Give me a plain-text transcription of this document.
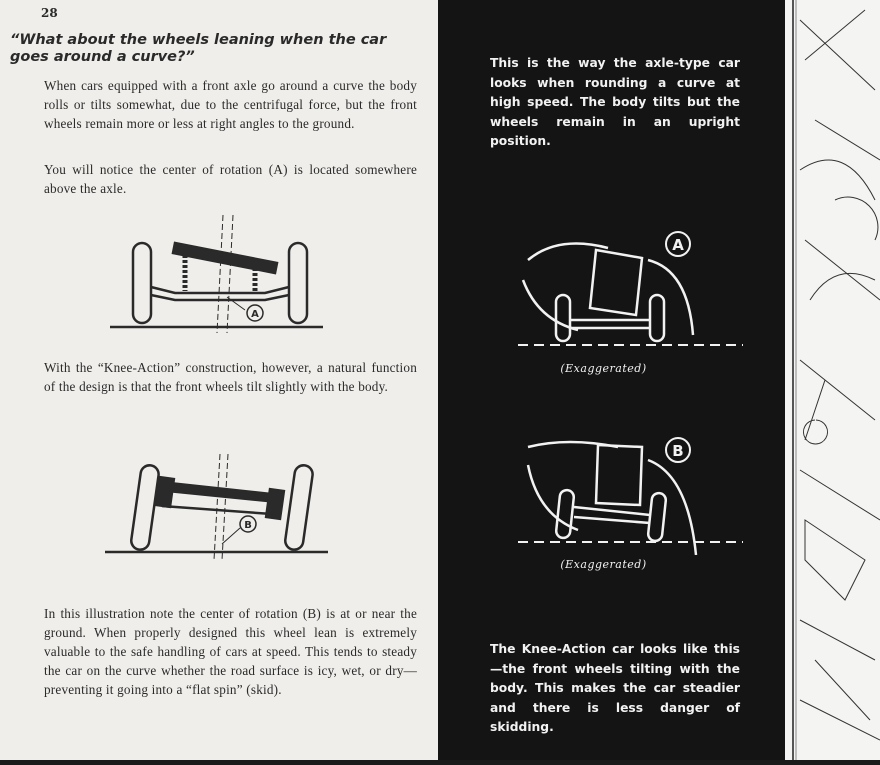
28
“What about the wheels leaning when the car goes around a curve?”
When cars equipped with a front axle go around a curve the body rolls or tilts somewhat, due to the centrifugal force, but the front wheels remain more or less at right angles to the ground.
You will notice the center of rotation (A) is located somewhere above the axle.
A
With the “Knee-Action” construction, however, a natural function of the design is that the front wheels tilt slightly with the body.
B
In this illustration note the center of rotation (B) is at or near the ground. When properly designed this wheel lean is extremely valuable to the safe handling of cars at speed. This tends to steady the car on the curve whether the road surface is icy, wet, or dry—preventing it going into a “flat spin” (skid).
This is the way the axle-type car looks when rounding a curve at high speed. The body tilts but the wheels remain in an upright position.
A
(Exaggerated)
B
(Exaggerated)
The Knee-Action car looks like this—the front wheels tilting with the body. This makes the car steadier and there is less danger of skidding.
